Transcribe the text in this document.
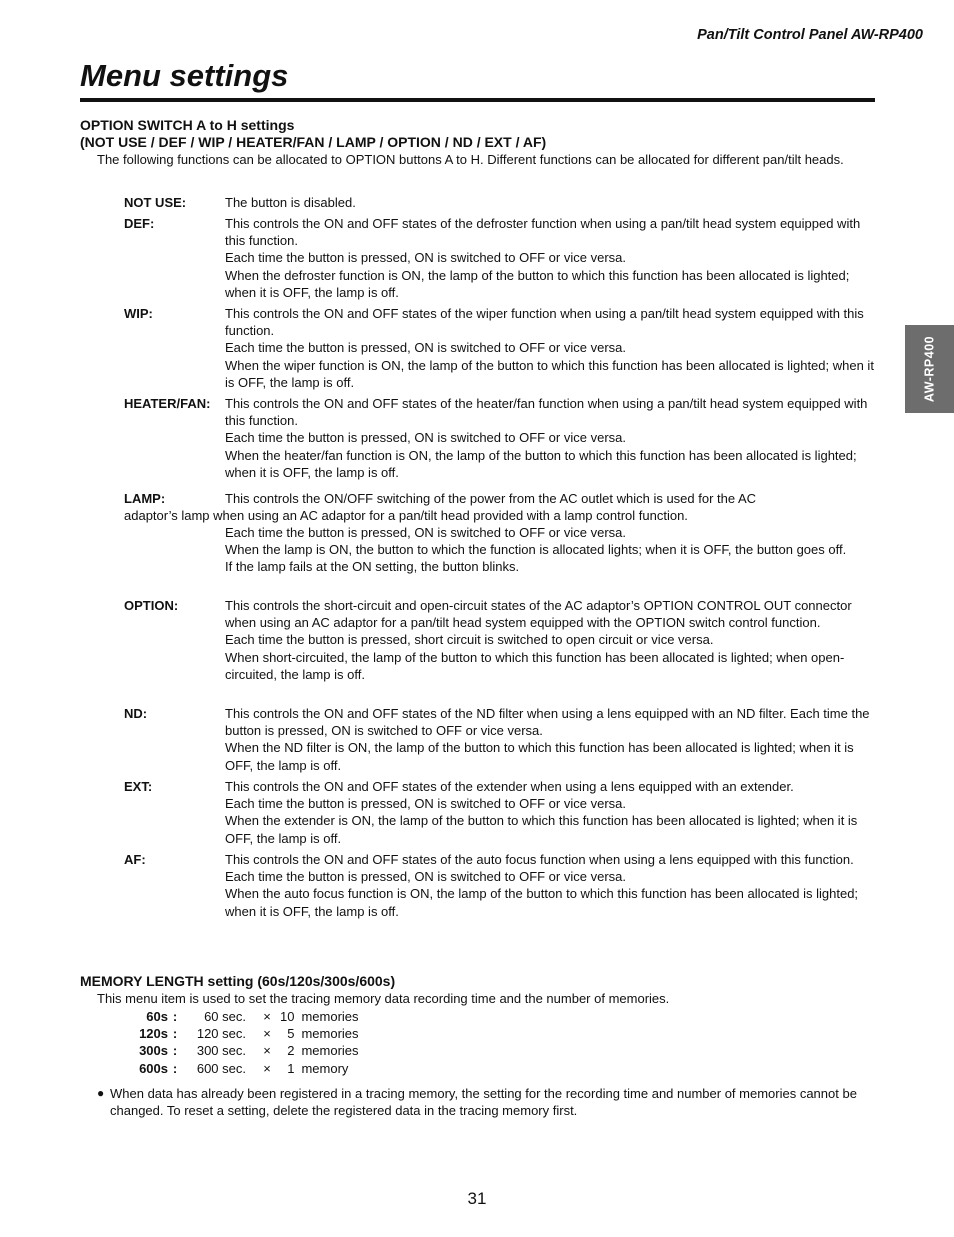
Pan/Tilt Control Panel AW-RP400
Menu settings
AW-RP400
OPTION SWITCH A to H settings
(NOT USE / DEF / WIP / HEATER/FAN / LAMP / OPTION / ND / EXT / AF)
The following functions can be allocated to OPTION buttons A to H. Different functions can be allocated for different pan/tilt heads.
NOT USE:	The button is disabled.
DEF:	This controls the ON and OFF states of the defroster function when using a pan/tilt head system equipped with this function.
Each time the button is pressed, ON is switched to OFF or vice versa.
When the defroster function is ON, the lamp of the button to which this function has been allocated is lighted; when it is OFF, the lamp is off.
WIP:	This controls the ON and OFF states of the wiper function when using a pan/tilt head system equipped with this function.
Each time the button is pressed, ON is switched to OFF or vice versa.
When the wiper function is ON, the lamp of the button to which this function has been allocated is lighted; when it is OFF, the lamp is off.
HEATER/FAN: This controls the ON and OFF states of the heater/fan function when using a pan/tilt head system equipped with this function.
Each time the button is pressed, ON is switched to OFF or vice versa.
When the heater/fan function is ON, the lamp of the button to which this function has been allocated is lighted; when it is OFF, the lamp is off.
LAMP:	This controls the ON/OFF switching of the power from the AC outlet which is used for the AC adaptor’s lamp when using an AC adaptor for a pan/tilt head provided with a lamp control function.
Each time the button is pressed, ON is switched to OFF or vice versa.
When the lamp is ON, the button to which the function is allocated lights; when it is OFF, the button goes off.
If the lamp fails at the ON setting, the button blinks.
OPTION:	This controls the short-circuit and open-circuit states of the AC adaptor’s OPTION CONTROL OUT connector when using an AC adaptor for a pan/tilt head system equipped with the OPTION switch control function.
Each time the button is pressed, short circuit is switched to open circuit or vice versa.
When short-circuited, the lamp of the button to which this function has been allocated is lighted; when open-circuited, the lamp is off.
ND:	This controls the ON and OFF states of the ND filter when using a lens equipped with an ND filter. Each time the button is pressed, ON is switched to OFF or vice versa.
When the ND filter is ON, the lamp of the button to which this function has been allocated is lighted; when it is OFF, the lamp is off.
EXT:	This controls the ON and OFF states of the extender when using a lens equipped with an extender.
Each time the button is pressed, ON is switched to OFF or vice versa.
When the extender is ON, the lamp of the button to which this function has been allocated is lighted; when it is OFF, the lamp is off.
AF:	This controls the ON and OFF states of the auto focus function when using a lens equipped with this function.
Each time the button is pressed, ON is switched to OFF or vice versa.
When the auto focus function is ON, the lamp of the button to which this function has been allocated is lighted; when it is OFF, the lamp is off.
MEMORY LENGTH setting (60s/120s/300s/600s)
This menu item is used to set the tracing memory data recording time and the number of memories.
60s	:	60 sec.	×	10	memories
120s	:	120 sec.	×	5	memories
300s	:	300 sec.	×	2	memories
600s	:	600 sec.	×	1	memory
● When data has already been registered in a tracing memory, the setting for the recording time and number of memories cannot be changed. To reset a setting, delete the registered data in the tracing memory first.
31
